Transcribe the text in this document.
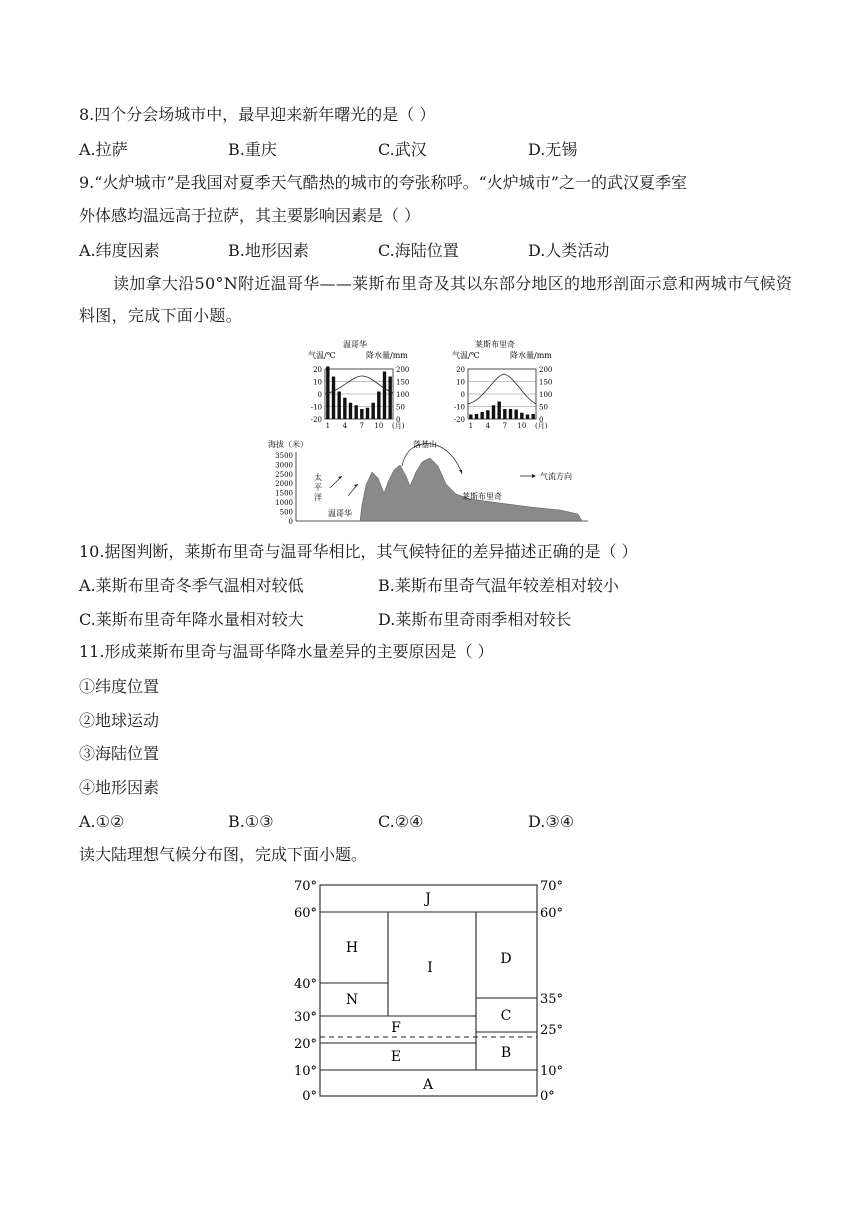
8.四个分会场城市中，最早迎来新年曙光的是（ ）
A.拉萨	B.重庆	C.武汉	D.无锡
9.“火炉城市”是我国对夏季天气酷热的城市的夸张称呼。“火炉城市”之一的武汉夏季室
外体感均温远高于拉萨，其主要影响因素是（ ）
A.纬度因素	B.地形因素	C.海陆位置	D.人类活动
读加拿大沿50°N附近温哥华——莱斯布里奇及其以东部分地区的地形剖面示意和两城市气候资料图，完成下面小题。
温哥华
气温/℃	降水量/mm
20
10
0
-10
-20
200
150
100
50
0
1 4 7 10 (月)
莱斯布里奇
气温/℃	降水量/mm
20
10
0
-10
-20
200
150
100
50
0
1 4 7 10 (月)
海拔（米）
3500
3000
2500
2000
1500
1000
500
0
太
平
洋
温哥华
落基山
莱斯布里奇
气流方向
10.据图判断，莱斯布里奇与温哥华相比，其气候特征的差异描述正确的是（ ）
A.莱斯布里奇冬季气温相对较低	B.莱斯布里奇气温年较差相对较小
C.莱斯布里奇年降水量相对较大	D.莱斯布里奇雨季相对较长
11.形成莱斯布里奇与温哥华降水量差异的主要原因是（ ）
①纬度位置
②地球运动
③海陆位置
④地形因素
A.①②	B.①③	C.②④	D.③④
读大陆理想气候分布图，完成下面小题。
J
H
I
D
N
C
F
B
E
A
70°
60°
40°
30°
20°
10°
0°
70°
60°
35°
25°
10°
0°
